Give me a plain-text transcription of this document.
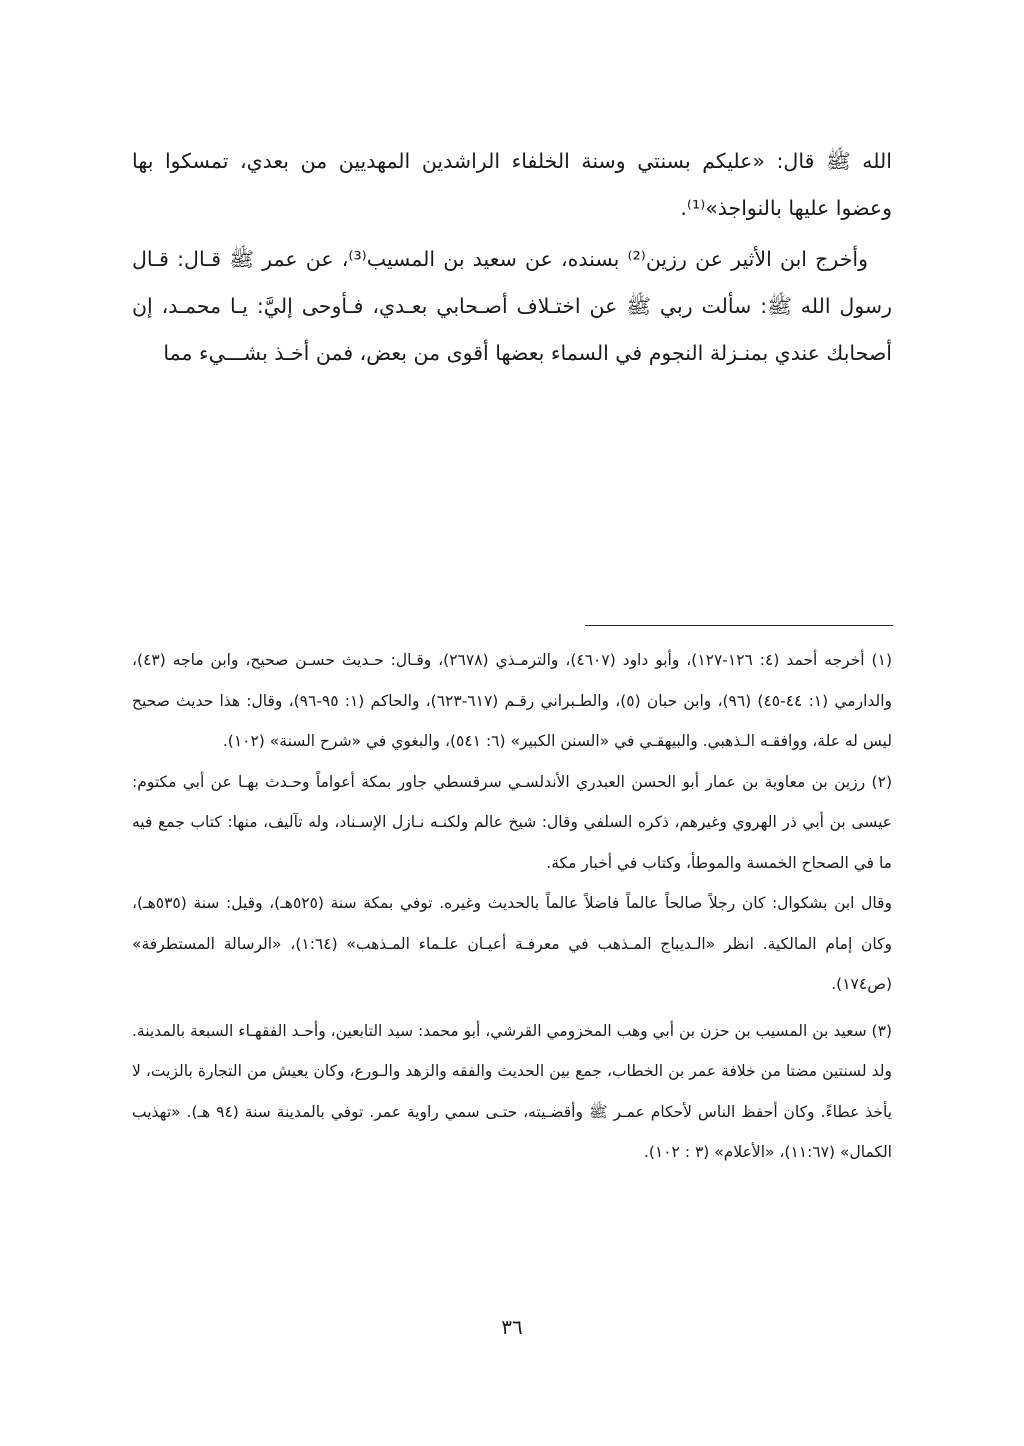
الله ﷺ قال: «عليكم بسنتي وسنة الخلفاء الراشدين المهديين من بعدي، تمسكوا بها وعضوا عليها بالنواجذ»⁽¹⁾.

وأخرج ابن الأثير عن رزين⁽²⁾ بسنده، عن سعيد بن المسيب⁽³⁾، عن عمر ﷺ قـال: قـال رسول الله ﷺ: سألت ربي ﷺ عن اختـلاف أصـحابي بعـدي، فـأوحى إليَّ: يـا محمـد، إن أصحابك عندي بمنـزلة النجوم في السماء بعضها أقوى من بعض، فمن أخـذ بشـــيء مما

(١) أخرجه أحمد (٤: ١٢٦-١٢٧)، وأبو داود (٤٦٠٧)، والترمـذي (٢٦٧٨)، وقـال: حـديث حسـن صحيح، وابن ماجه (٤٣)، والدارمي (١: ٤٤-٤٥) (٩٦)، وابن حبان (٥)، والطـبراني رقـم (٦١٧-٦٢٣)، والحاكم (١: ٩٥-٩٦)، وقال: هذا حديث صحيح ليس له علة، ووافقـه الـذهبي. والبيهقـي في «السنن الكبير» (٦: ٥٤١)، والبغوي في «شرح السنة» (١٠٢).

(٢) رزين بن معاوية بن عمار أبو الحسن العبدري الأندلسـي سرقسطي جاور بمكة أعواماً وحـدث بهـا عن أبي مكتوم: عيسى بن أبي ذر الهروي وغيرهم، ذكره السلفي وقال: شيخ عالم ولكنـه نـازل الإسـناد، وله تآليف، منها: كتاب جمع فيه ما في الصحاح الخمسة والموطأ، وكتاب في أخبار مكة.

وقال ابن بشكوال: كان رجلاً صالحاً عالماً فاضلاً عالماً بالحديث وغيره. توفي بمكة سنة (٥٢٥هـ)، وقيل: سنة (٥٣٥هـ)، وكان إمام المالكية. انظر «الـديباج المـذهب في معرفـة أعيـان علـماء المـذهب» (١:٦٤)، «الرسالة المستطرفة» (ص١٧٤).

(٣) سعيد بن المسيب بن حزن بن أبي وهب المخزومي القرشي، أبو محمد: سيد التابعين، وأحـد الفقهـاء السبعة بالمدينة. ولد لسنتين مضتا من خلافة عمر بن الخطاب، جمع بين الحديث والفقه والزهد والـورع، وكان يعيش من التجارة بالزيت، لا يأخذ عطاءً. وكان أحفظ الناس لأحكام عمـر ﷺ وأقضـيته، حتـى سمي راوية عمر. توفي بالمدينة سنة (٩٤ هـ). «تهذيب الكمال» (١١:٦٧)، «الأعلام» (٣ : ١٠٢).

٣٦
